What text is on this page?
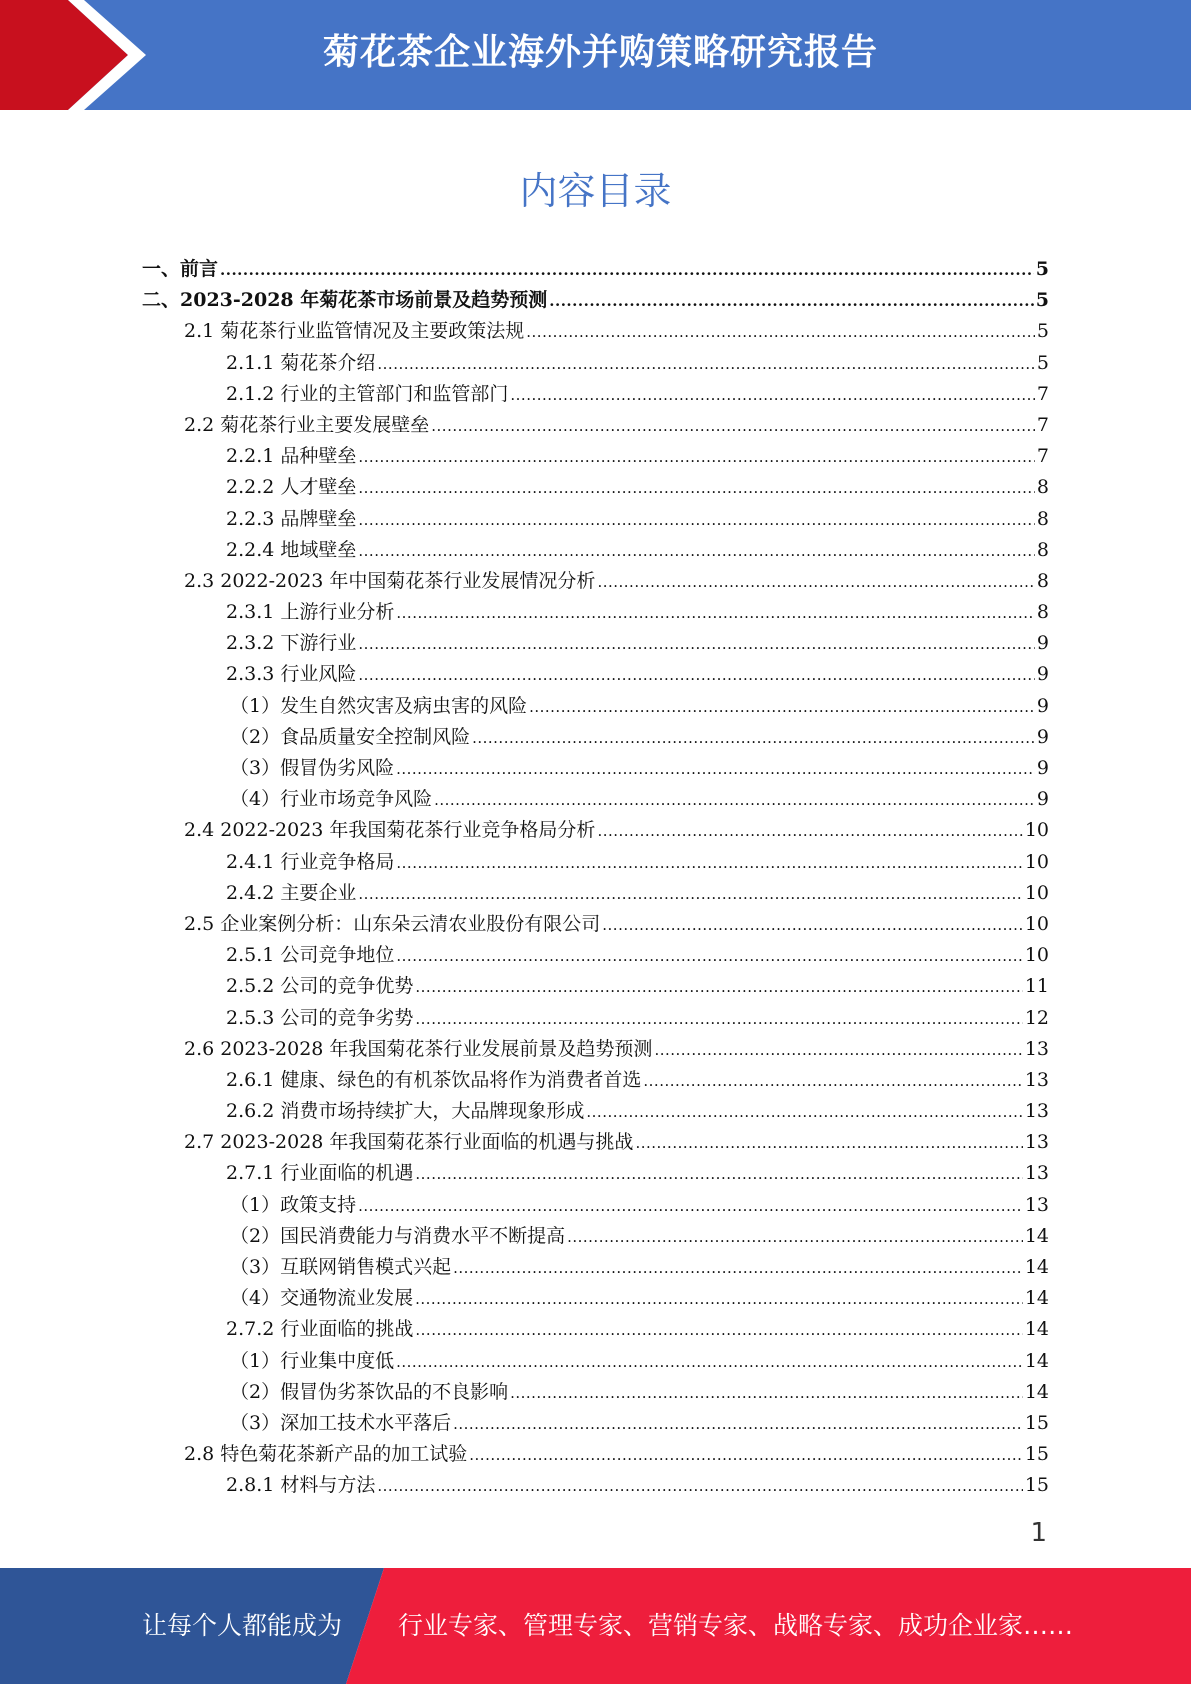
菊花茶企业海外并购策略研究报告
内容目录
一、前言 .....	5
二、2023-2028 年菊花茶市场前景及趋势预测 .....	5
2.1 菊花茶行业监管情况及主要政策法规 .....	5
2.1.1 菊花茶介绍 .....	5
2.1.2 行业的主管部门和监管部门 .....	7
2.2 菊花茶行业主要发展壁垒 .....	7
2.2.1 品种壁垒 .....	7
2.2.2 人才壁垒 .....	8
2.2.3 品牌壁垒 .....	8
2.2.4 地域壁垒 .....	8
2.3 2022-2023 年中国菊花茶行业发展情况分析 .....	8
2.3.1 上游行业分析 .....	8
2.3.2 下游行业 .....	9
2.3.3 行业风险 .....	9
（1）发生自然灾害及病虫害的风险 .....	9
（2）食品质量安全控制风险 .....	9
（3）假冒伪劣风险 .....	9
（4）行业市场竞争风险 .....	9
2.4 2022-2023 年我国菊花茶行业竞争格局分析 .....	10
2.4.1 行业竞争格局 .....	10
2.4.2 主要企业 .....	10
2.5 企业案例分析：山东朵云清农业股份有限公司 .....	10
2.5.1 公司竞争地位 .....	10
2.5.2 公司的竞争优势 .....	11
2.5.3 公司的竞争劣势 .....	12
2.6 2023-2028 年我国菊花茶行业发展前景及趋势预测 .....	13
2.6.1 健康、绿色的有机茶饮品将作为消费者首选 .....	13
2.6.2 消费市场持续扩大，大品牌现象形成 .....	13
2.7 2023-2028 年我国菊花茶行业面临的机遇与挑战 .....	13
2.7.1 行业面临的机遇 .....	13
（1）政策支持 .....	13
（2）国民消费能力与消费水平不断提高 .....	14
（3）互联网销售模式兴起 .....	14
（4）交通物流业发展 .....	14
2.7.2 行业面临的挑战 .....	14
（1）行业集中度低 .....	14
（2）假冒伪劣茶饮品的不良影响 .....	14
（3）深加工技术水平落后 .....	15
2.8 特色菊花茶新产品的加工试验 .....	15
2.8.1 材料与方法 .....	15
1
让每个人都能成为 行业专家、管理专家、营销专家、战略专家、成功企业家……
